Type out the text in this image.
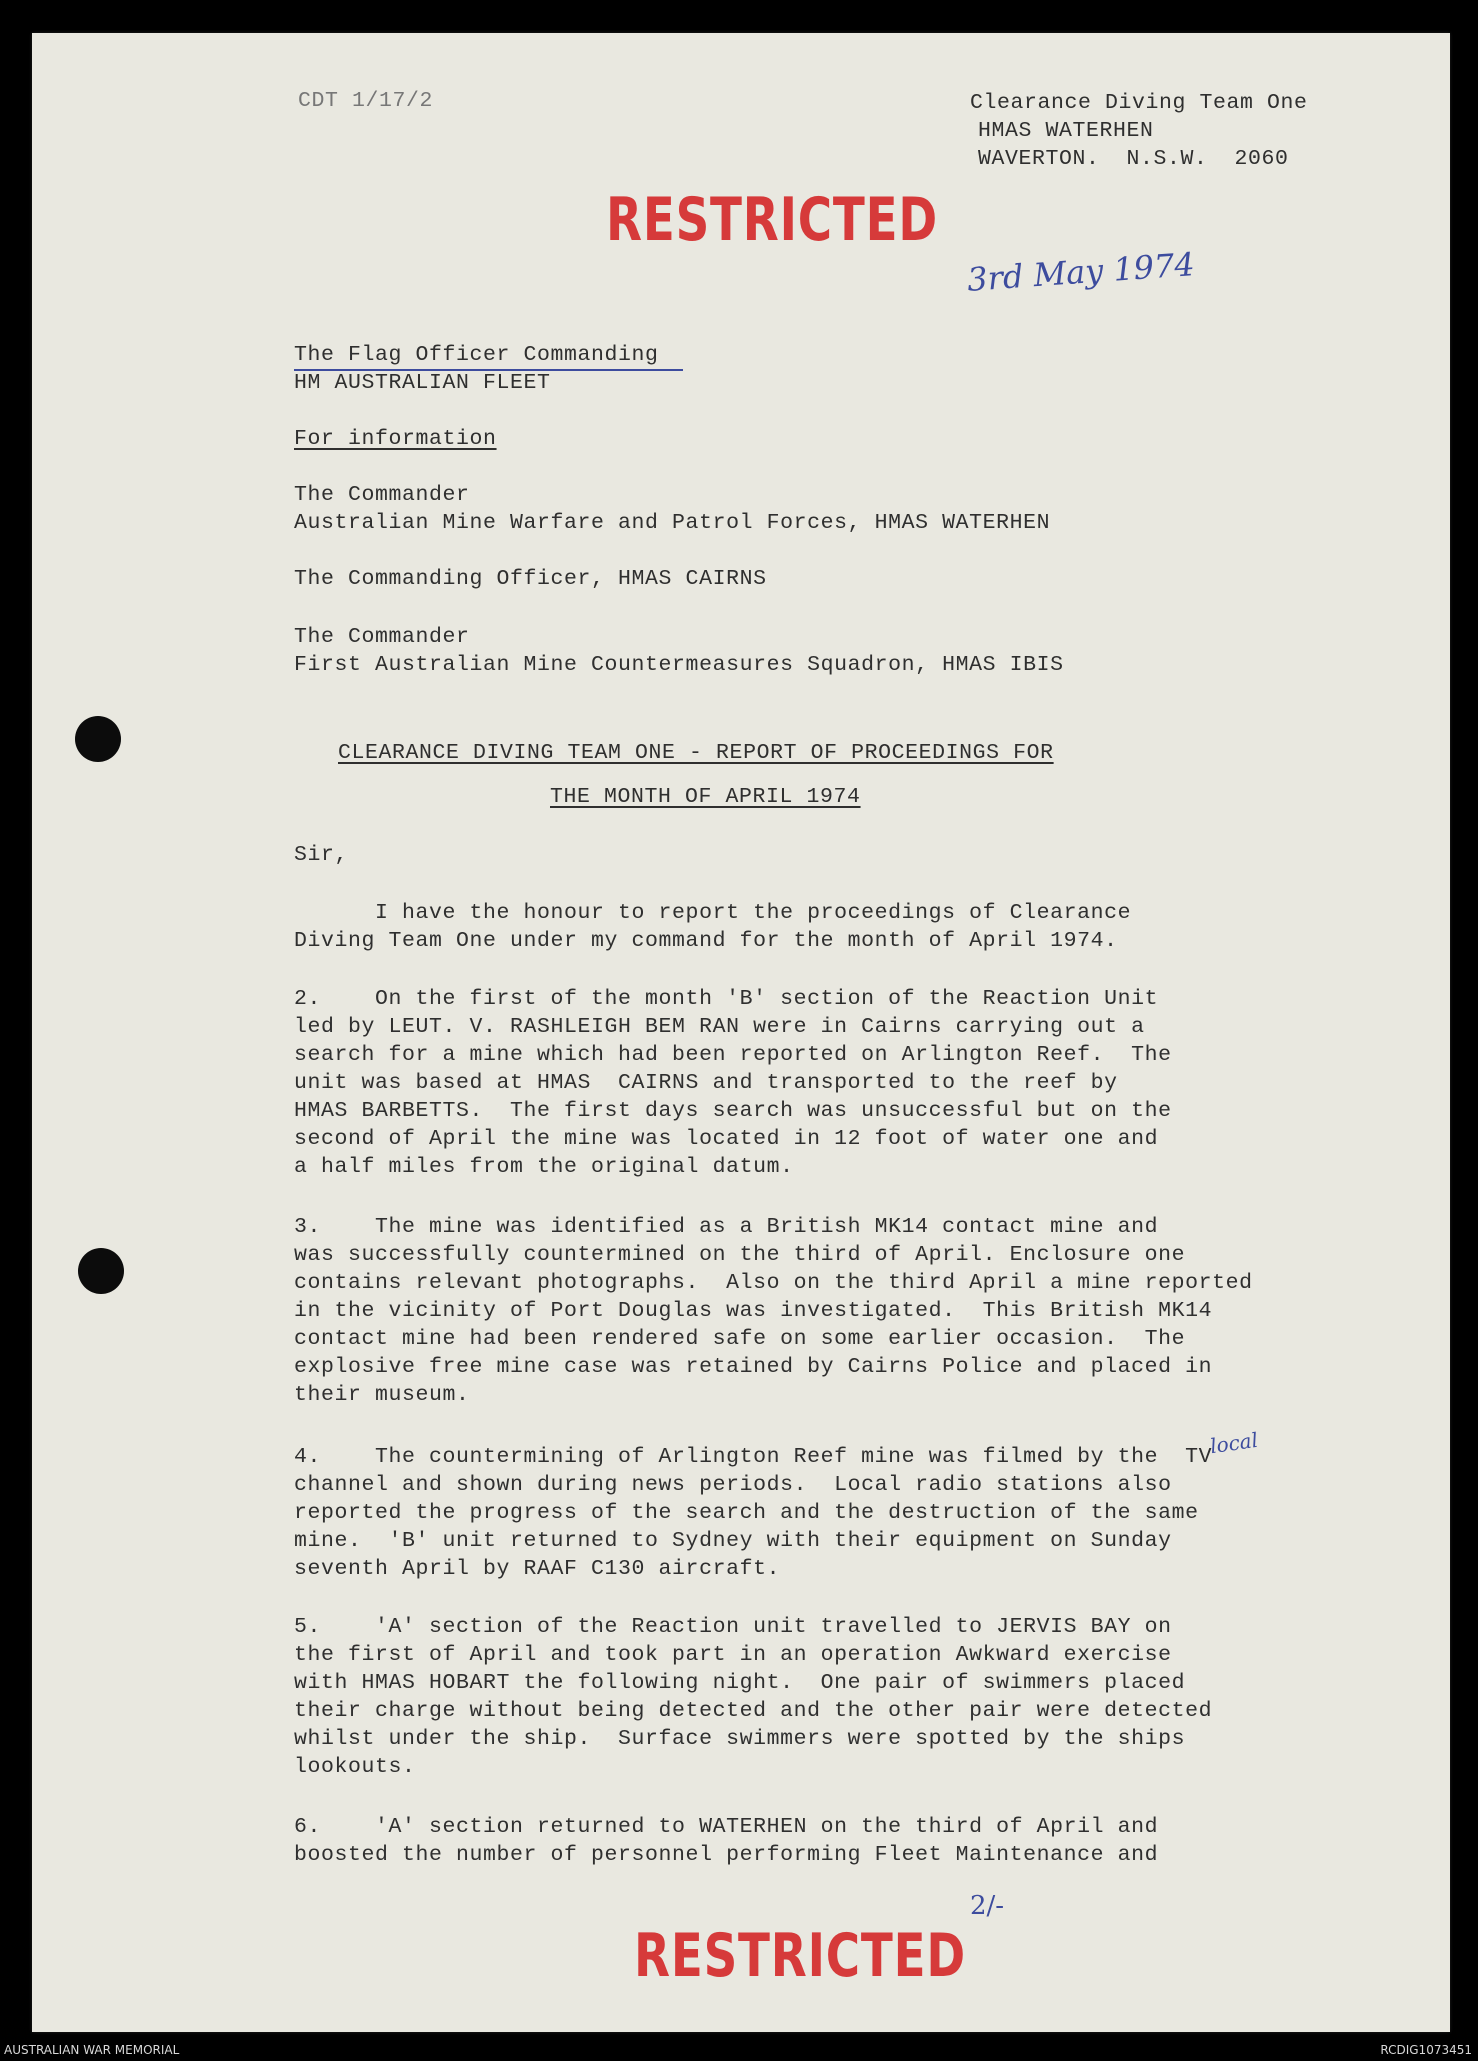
CDT 1/17/2	Clearance Diving Team One
HMAS WATERHEN
WAVERTON.  N.S.W.  2060
RESTRICTED
3rd May 1974
The Flag Officer Commanding
HM AUSTRALIAN FLEET
For information
The Commander
Australian Mine Warfare and Patrol Forces, HMAS WATERHEN
The Commanding Officer, HMAS CAIRNS
The Commander
First Australian Mine Countermeasures Squadron, HMAS IBIS
CLEARANCE DIVING TEAM ONE - REPORT OF PROCEEDINGS FOR
THE MONTH OF APRIL 1974
Sir,
I have the honour to report the proceedings of Clearance
Diving Team One under my command for the month of April 1974.
2.    On the first of the month 'B' section of the Reaction Unit
led by LEUT. V. RASHLEIGH BEM RAN were in Cairns carrying out a
search for a mine which had been reported on Arlington Reef.  The
unit was based at HMAS  CAIRNS and transported to the reef by
HMAS BARBETTS.  The first days search was unsuccessful but on the
second of April the mine was located in 12 foot of water one and
a half miles from the original datum.
3.    The mine was identified as a British MK14 contact mine and
was successfully countermined on the third of April. Enclosure one
contains relevant photographs.  Also on the third April a mine reported
in the vicinity of Port Douglas was investigated.  This British MK14
contact mine had been rendered safe on some earlier occasion.  The
explosive free mine case was retained by Cairns Police and placed in
their museum.
local
4.    The countermining of Arlington Reef mine was filmed by the  TV
channel and shown during news periods.  Local radio stations also
reported the progress of the search and the destruction of the same
mine.  'B' unit returned to Sydney with their equipment on Sunday
seventh April by RAAF C130 aircraft.
5.    'A' section of the Reaction unit travelled to JERVIS BAY on
the first of April and took part in an operation Awkward exercise
with HMAS HOBART the following night.  One pair of swimmers placed
their charge without being detected and the other pair were detected
whilst under the ship.  Surface swimmers were spotted by the ships
lookouts.
6.    'A' section returned to WATERHEN on the third of April and
boosted the number of personnel performing Fleet Maintenance and
2/-
RESTRICTED
AUSTRALIAN WAR MEMORIAL	RCDIG1073451
